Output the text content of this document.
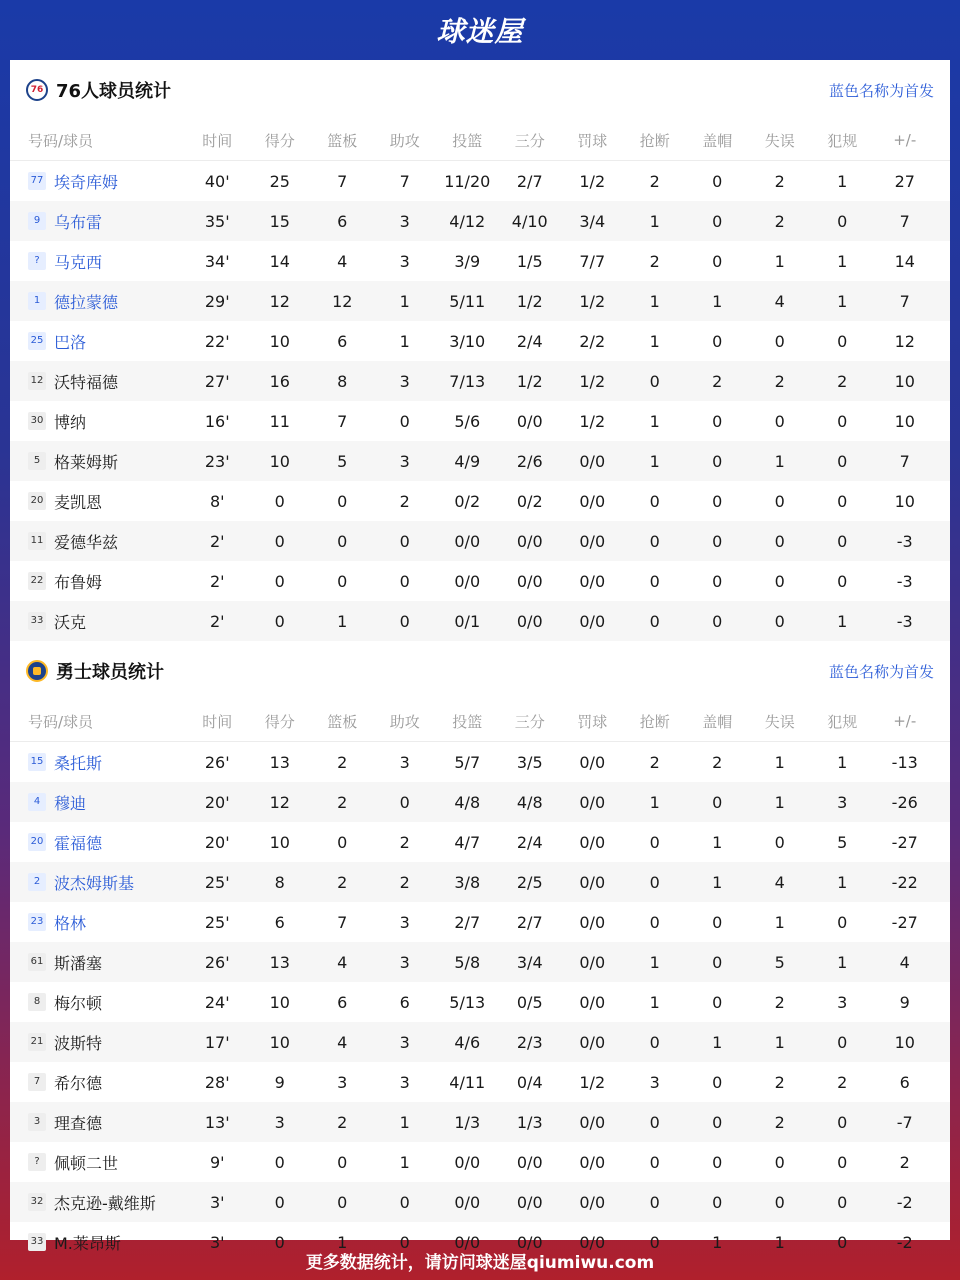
球迷屋
76 76人球员统计	蓝色名称为首发
号码/球员	时间	得分	篮板	助攻	投篮	三分	罚球	抢断	盖帽	失误	犯规	+/-
77 埃奇库姆	40'	25	7	7	11/20	2/7	1/2	2	0	2	1	27
9 乌布雷	35'	15	6	3	4/12	4/10	3/4	1	0	2	0	7
? 马克西	34'	14	4	3	3/9	1/5	7/7	2	0	1	1	14
1 德拉蒙德	29'	12	12	1	5/11	1/2	1/2	1	1	4	1	7
25 巴洛	22'	10	6	1	3/10	2/4	2/2	1	0	0	0	12
12 沃特福德	27'	16	8	3	7/13	1/2	1/2	0	2	2	2	10
30 博纳	16'	11	7	0	5/6	0/0	1/2	1	0	0	0	10
5 格莱姆斯	23'	10	5	3	4/9	2/6	0/0	1	0	1	0	7
20 麦凯恩	8'	0	0	2	0/2	0/2	0/0	0	0	0	0	10
11 爱德华兹	2'	0	0	0	0/0	0/0	0/0	0	0	0	0	-3
22 布鲁姆	2'	0	0	0	0/0	0/0	0/0	0	0	0	0	-3
33 沃克	2'	0	1	0	0/1	0/0	0/0	0	0	0	1	-3
勇士球员统计	蓝色名称为首发
号码/球员	时间	得分	篮板	助攻	投篮	三分	罚球	抢断	盖帽	失误	犯规	+/-
15 桑托斯	26'	13	2	3	5/7	3/5	0/0	2	2	1	1	-13
4 穆迪	20'	12	2	0	4/8	4/8	0/0	1	0	1	3	-26
20 霍福德	20'	10	0	2	4/7	2/4	0/0	0	1	0	5	-27
2 波杰姆斯基	25'	8	2	2	3/8	2/5	0/0	0	1	4	1	-22
23 格林	25'	6	7	3	2/7	2/7	0/0	0	0	1	0	-27
61 斯潘塞	26'	13	4	3	5/8	3/4	0/0	1	0	5	1	4
8 梅尔顿	24'	10	6	6	5/13	0/5	0/0	1	0	2	3	9
21 波斯特	17'	10	4	3	4/6	2/3	0/0	0	1	1	0	10
7 希尔德	28'	9	3	3	4/11	0/4	1/2	3	0	2	2	6
3 理查德	13'	3	2	1	1/3	1/3	0/0	0	0	2	0	-7
? 佩顿二世	9'	0	0	1	0/0	0/0	0/0	0	0	0	0	2
32 杰克逊-戴维斯	3'	0	0	0	0/0	0/0	0/0	0	0	0	0	-2
33 M.莱昂斯	3'	0	1	0	0/0	0/0	0/0	0	1	1	0	-2
更多数据统计，请访问球迷屋qiumiwu.com
